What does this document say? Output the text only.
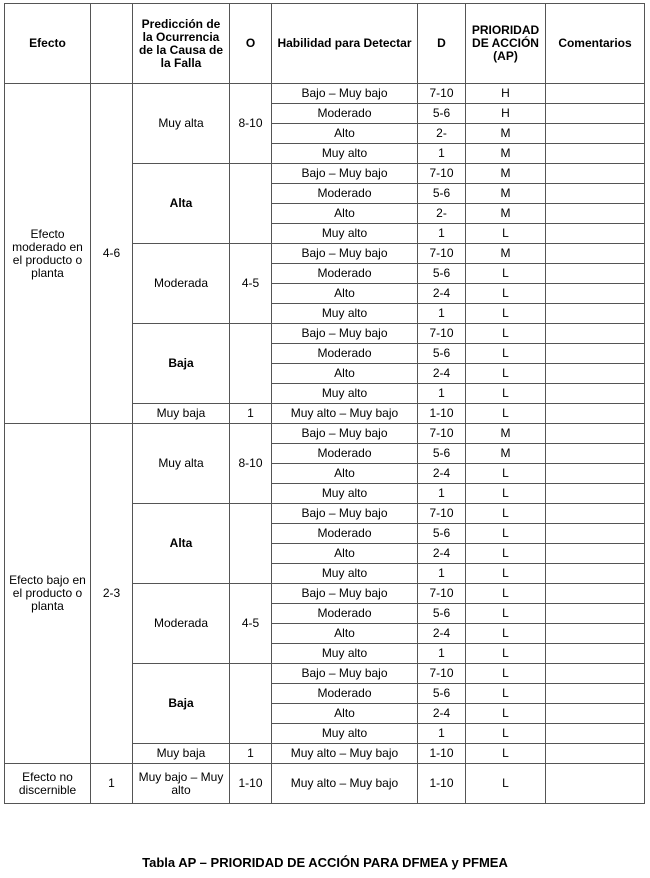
Efecto		Predicción de la Ocurrencia de la Causa de la Falla	O	Habilidad para Detectar	D	PRIORIDAD DE ACCIÓN (AP)	Comentarios
Efecto moderado en el producto o planta	4-6	Muy alta	8-10	Bajo – Muy bajo	7-10	H	
				Moderado	5-6	H	
				Alto	2-	M	
				Muy alto	1	M	
		Alta		Bajo – Muy bajo	7-10	M	
				Moderado	5-6	M	
				Alto	2-	M	
				Muy alto	1	L	
		Moderada	4-5	Bajo – Muy bajo	7-10	M	
				Moderado	5-6	L	
				Alto	2-4	L	
				Muy alto	1	L	
		Baja		Bajo – Muy bajo	7-10	L	
				Moderado	5-6	L	
				Alto	2-4	L	
				Muy alto	1	L	
		Muy baja	1	Muy alto – Muy bajo	1-10	L	
Efecto bajo en el producto o planta	2-3	Muy alta	8-10	Bajo – Muy bajo	7-10	M	
				Moderado	5-6	M	
				Alto	2-4	L	
				Muy alto	1	L	
		Alta		Bajo – Muy bajo	7-10	L	
				Moderado	5-6	L	
				Alto	2-4	L	
				Muy alto	1	L	
		Moderada	4-5	Bajo – Muy bajo	7-10	L	
				Moderado	5-6	L	
				Alto	2-4	L	
				Muy alto	1	L	
		Baja		Bajo – Muy bajo	7-10	L	
				Moderado	5-6	L	
				Alto	2-4	L	
				Muy alto	1	L	
		Muy baja	1	Muy alto – Muy bajo	1-10	L	
Efecto no discernible	1	Muy bajo – Muy alto	1-10	Muy alto – Muy bajo	1-10	L	
Tabla AP – PRIORIDAD DE ACCIÓN PARA DFMEA y PFMEA
